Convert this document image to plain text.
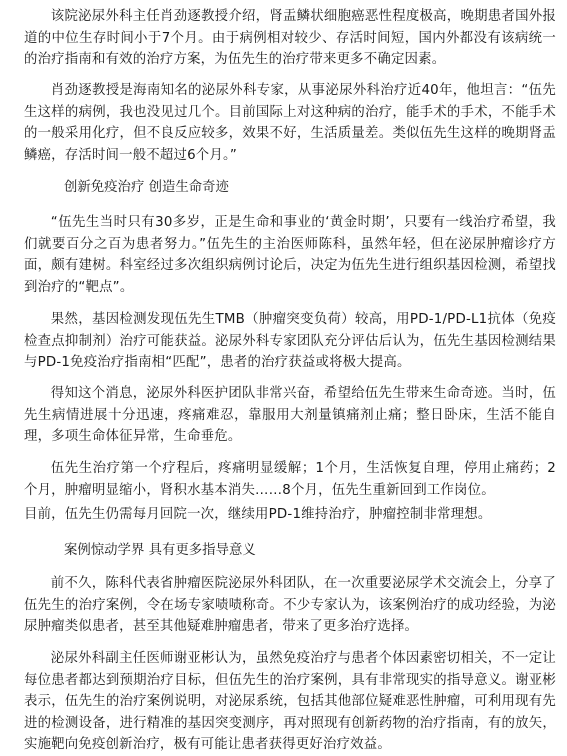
该院泌尿外科主任肖劲逐教授介绍，肾盂鳞状细胞癌恶性程度极高，晚期患者国外报道的中位生存时间小于7个月。由于病例相对较少、存活时间短，国内外都没有该病统一的治疗指南和有效的治疗方案，为伍先生的治疗带来更多不确定因素。

肖劲逐教授是海南知名的泌尿外科专家，从事泌尿外科治疗近40年，他坦言：“伍先生这样的病例，我也没见过几个。目前国际上对这种病的治疗，能手术的手术，不能手术的一般采用化疗，但不良反应较多，效果不好，生活质量差。类似伍先生这样的晚期肾盂鳞癌，存活时间一般不超过6个月。”

创新免疫治疗 创造生命奇迹

“伍先生当时只有30多岁，正是生命和事业的‘黄金时期’，只要有一线治疗希望，我们就要百分之百为患者努力。”伍先生的主治医师陈科，虽然年轻，但在泌尿肿瘤诊疗方面，颇有建树。科室经过多次组织病例讨论后，决定为伍先生进行组织基因检测，希望找到治疗的“靶点”。

果然，基因检测发现伍先生TMB（肿瘤突变负荷）较高，用PD-1/PD-L1抗体（免疫检查点抑制剂）治疗可能获益。泌尿外科专家团队充分评估后认为，伍先生基因检测结果与PD-1免疫治疗指南相“匹配”，患者的治疗获益或将极大提高。

得知这个消息，泌尿外科医护团队非常兴奋，希望给伍先生带来生命奇迹。当时，伍先生病情进展十分迅速，疼痛难忍，靠服用大剂量镇痛剂止痛；整日卧床，生活不能自理，多项生命体征异常，生命垂危。

伍先生治疗第一个疗程后，疼痛明显缓解；1个月，生活恢复自理，停用止痛药；2个月，肿瘤明显缩小，肾积水基本消失……8个月，伍先生重新回到工作岗位。

目前，伍先生仍需每月回院一次，继续用PD-1维持治疗，肿瘤控制非常理想。

案例惊动学界 具有更多指导意义

前不久，陈科代表省肿瘤医院泌尿外科团队，在一次重要泌尿学术交流会上，分享了伍先生的治疗案例，令在场专家啧啧称奇。不少专家认为，该案例治疗的成功经验，为泌尿肿瘤类似患者，甚至其他疑难肿瘤患者，带来了更多治疗选择。

泌尿外科副主任医师谢亚彬认为，虽然免疫治疗与患者个体因素密切相关，不一定让每位患者都达到预期治疗目标，但伍先生的治疗案例，具有非常现实的指导意义。谢亚彬表示，伍先生的治疗案例说明，对泌尿系统，包括其他部位疑难恶性肿瘤，可利用现有先进的检测设备，进行精准的基因突变测序，再对照现有创新药物的治疗指南，有的放矢，实施靶向免疫创新治疗，极有可能让患者获得更好治疗效益。
